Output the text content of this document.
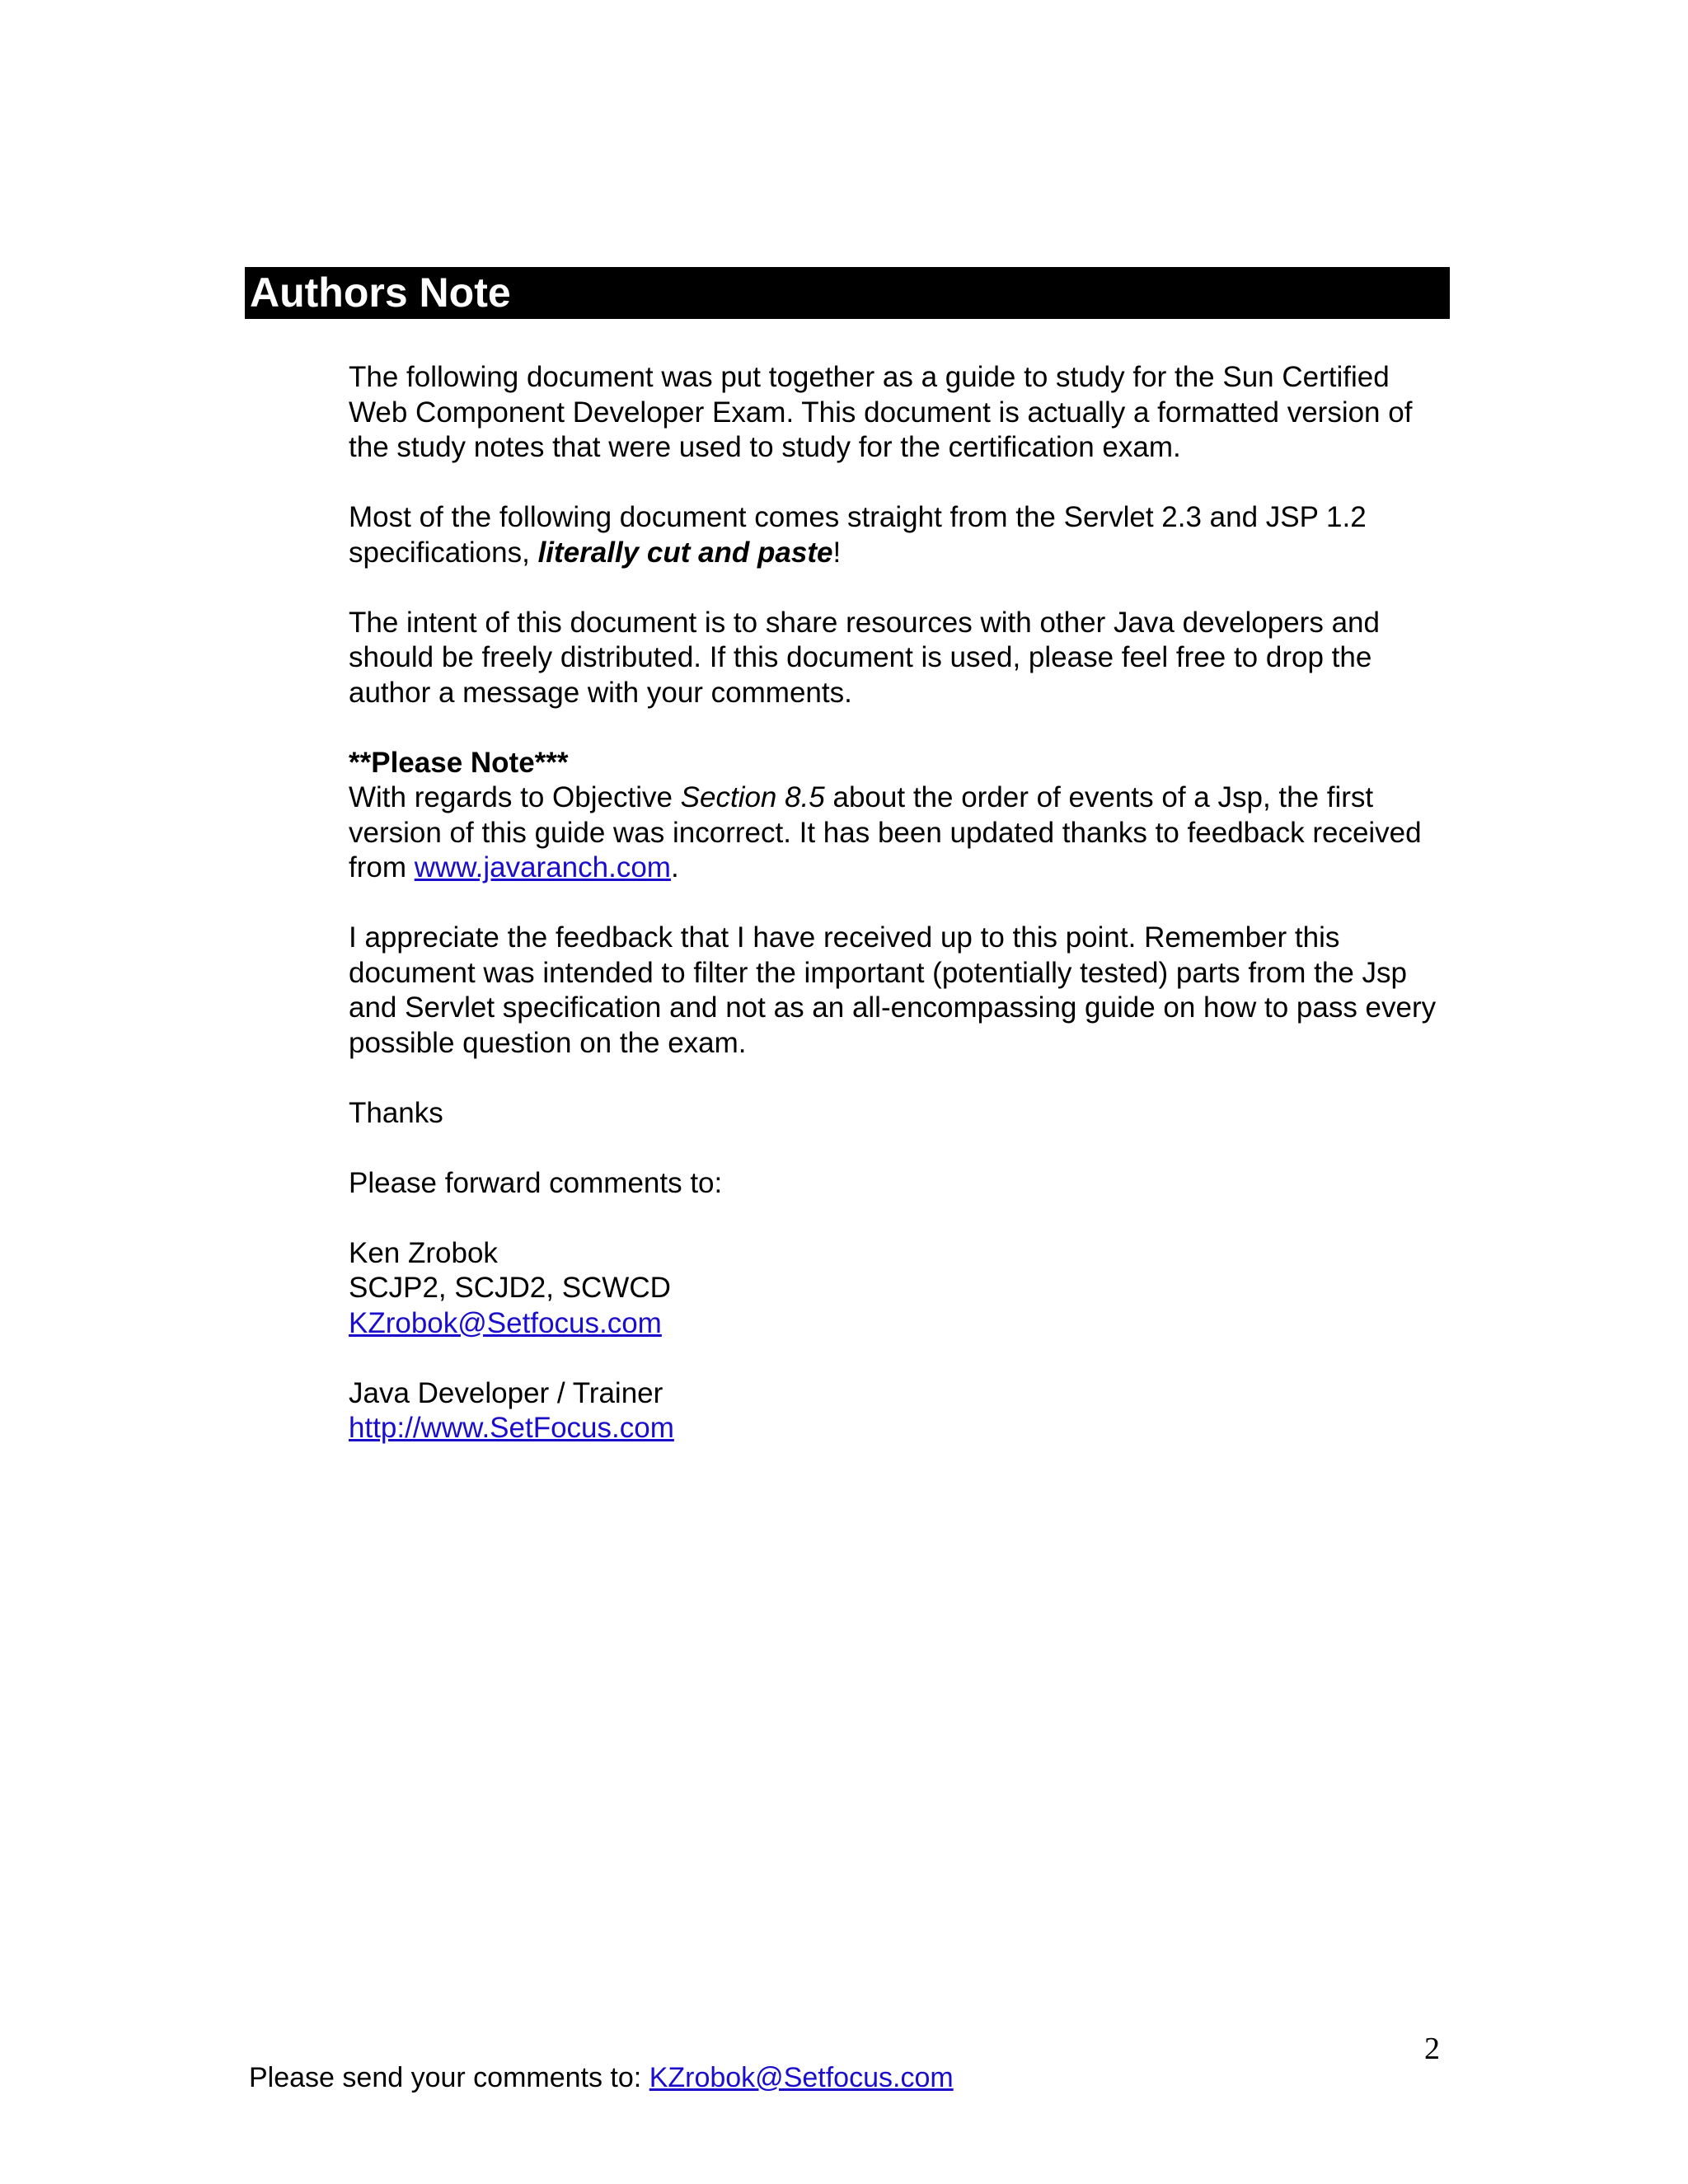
Authors Note

The following document was put together as a guide to study for the Sun Certified Web Component Developer Exam. This document is actually a formatted version of the study notes that were used to study for the certification exam.

Most of the following document comes straight from the Servlet 2.3 and JSP 1.2 specifications, literally cut and paste!

The intent of this document is to share resources with other Java developers and should be freely distributed. If this document is used, please feel free to drop the author a message with your comments.

**Please Note***
With regards to Objective Section 8.5 about the order of events of a Jsp, the first version of this guide was incorrect. It has been updated thanks to feedback received from www.javaranch.com.

I appreciate the feedback that I have received up to this point. Remember this document was intended to filter the important (potentially tested) parts from the Jsp and Servlet specification and not as an all-encompassing guide on how to pass every possible question on the exam.

Thanks

Please forward comments to:

Ken Zrobok
SCJP2, SCJD2, SCWCD
KZrobok@Setfocus.com

Java Developer / Trainer
http://www.SetFocus.com

2
Please send your comments to: KZrobok@Setfocus.com
